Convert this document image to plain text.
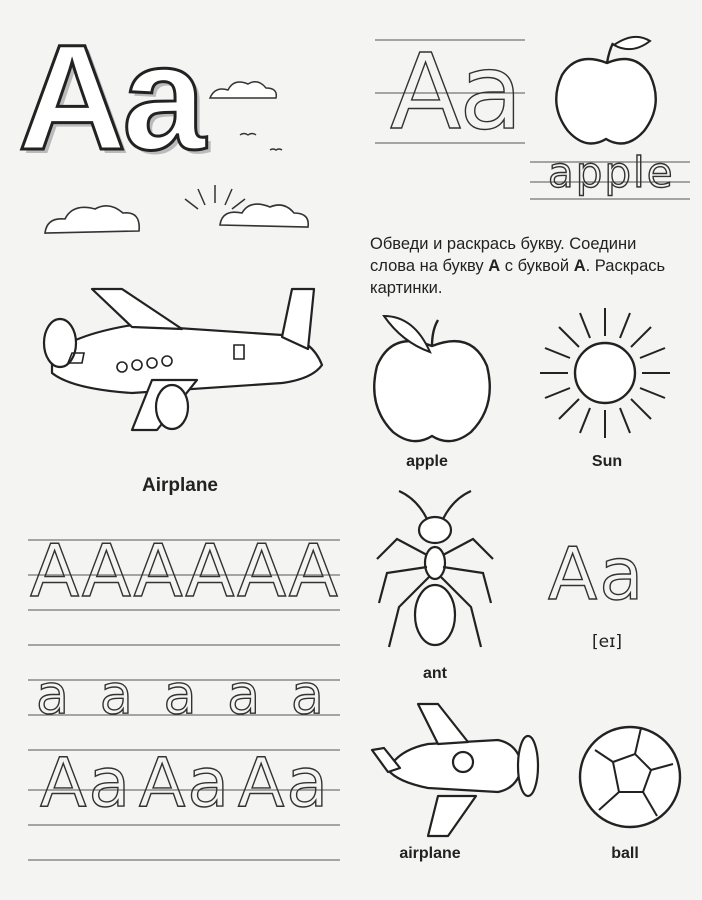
Aa
Airplane
A A A A A A
a a a a a
Aa Aa Aa
Aa
apple
Обведи и раскрась букву. Соедини слова на букву А с буквой А. Раскрась картинки.
apple	Sun
ant
Aa
[eɪ]
airplane	ball
